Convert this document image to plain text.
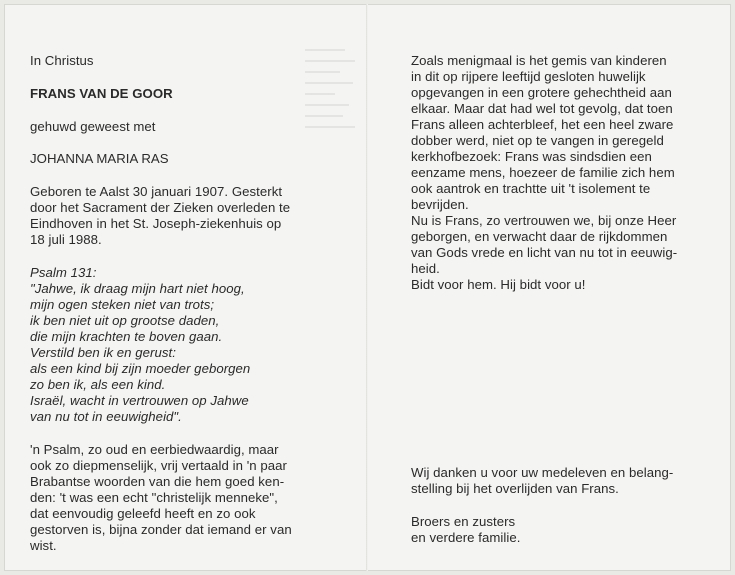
In Christus
FRANS VAN DE GOOR
gehuwd geweest met
JOHANNA MARIA RAS
Geboren te Aalst 30 januari 1907. Gesterkt
door het Sacrament der Zieken overleden te
Eindhoven in het St. Joseph-ziekenhuis op
18 juli 1988.
Psalm 131:
"Jahwe, ik draag mijn hart niet hoog,
mijn ogen steken niet van trots;
ik ben niet uit op grootse daden,
die mijn krachten te boven gaan.
Verstild ben ik en gerust:
als een kind bij zijn moeder geborgen
zo ben ik, als een kind.
Israël, wacht in vertrouwen op Jahwe
van nu tot in eeuwigheid".
'n Psalm, zo oud en eerbiedwaardig, maar
ook zo diepmenselijk, vrij vertaald in 'n paar
Brabantse woorden van die hem goed ken-
den: 't was een echt "christelijk menneke",
dat eenvoudig geleefd heeft en zo ook
gestorven is, bijna zonder dat iemand er van
wist.
Zoals menigmaal is het gemis van kinderen
in dit op rijpere leeftijd gesloten huwelijk
opgevangen in een grotere gehechtheid aan
elkaar. Maar dat had wel tot gevolg, dat toen
Frans alleen achterbleef, het een heel zware
dobber werd, niet op te vangen in geregeld
kerkhofbezoek: Frans was sindsdien een
eenzame mens, hoezeer de familie zich hem
ook aantrok en trachtte uit 't isolement te
bevrijden.
Nu is Frans, zo vertrouwen we, bij onze Heer
geborgen, en verwacht daar de rijkdommen
van Gods vrede en licht van nu tot in eeuwig-
heid.
Bidt voor hem. Hij bidt voor u!
Wij danken u voor uw medeleven en belang-
stelling bij het overlijden van Frans.
Broers en zusters
en verdere familie.
